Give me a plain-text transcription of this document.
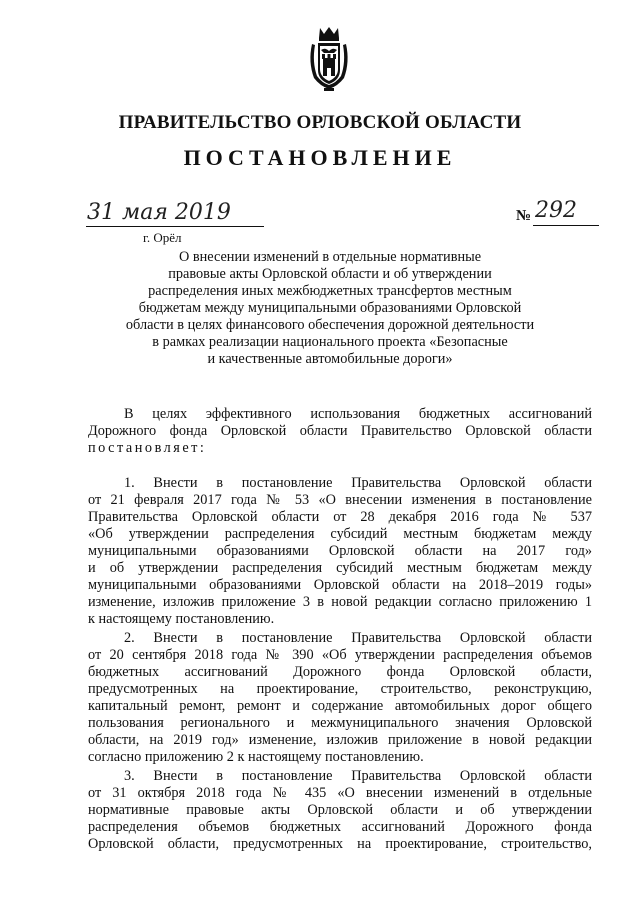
ПРАВИТЕЛЬСТВО ОРЛОВСКОЙ ОБЛАСТИ
ПОСТАНОВЛЕНИЕ
31 мая 2019
г. Орёл
№ 292
О внесении изменений в отдельные нормативные
правовые акты Орловской области и об утверждении
распределения иных межбюджетных трансфертов местным
бюджетам между муниципальными образованиями Орловской
области в целях финансового обеспечения дорожной деятельности
в рамках реализации национального проекта «Безопасные
и качественные автомобильные дороги»
В целях эффективного использования бюджетных ассигнований
Дорожного фонда Орловской области Правительство Орловской области
постановляет:
1. Внести в постановление Правительства Орловской области
от 21 февраля 2017 года № 53 «О внесении изменения в постановление
Правительства Орловской области от 28 декабря 2016 года № 537
«Об утверждении распределения субсидий местным бюджетам между
муниципальными образованиями Орловской области на 2017 год»
и об утверждении распределения субсидий местным бюджетам между
муниципальными образованиями Орловской области на 2018–2019 годы»
изменение, изложив приложение 3 в новой редакции согласно приложению 1
к настоящему постановлению.
2. Внести в постановление Правительства Орловской области
от 20 сентября 2018 года № 390 «Об утверждении распределения объемов
бюджетных ассигнований Дорожного фонда Орловской области,
предусмотренных на проектирование, строительство, реконструкцию,
капитальный ремонт, ремонт и содержание автомобильных дорог общего
пользования регионального и межмуниципального значения Орловской
области, на 2019 год» изменение, изложив приложение в новой редакции
согласно приложению 2 к настоящему постановлению.
3. Внести в постановление Правительства Орловской области
от 31 октября 2018 года № 435 «О внесении изменений в отдельные
нормативные правовые акты Орловской области и об утверждении
распределения объемов бюджетных ассигнований Дорожного фонда
Орловской области, предусмотренных на проектирование, строительство,
